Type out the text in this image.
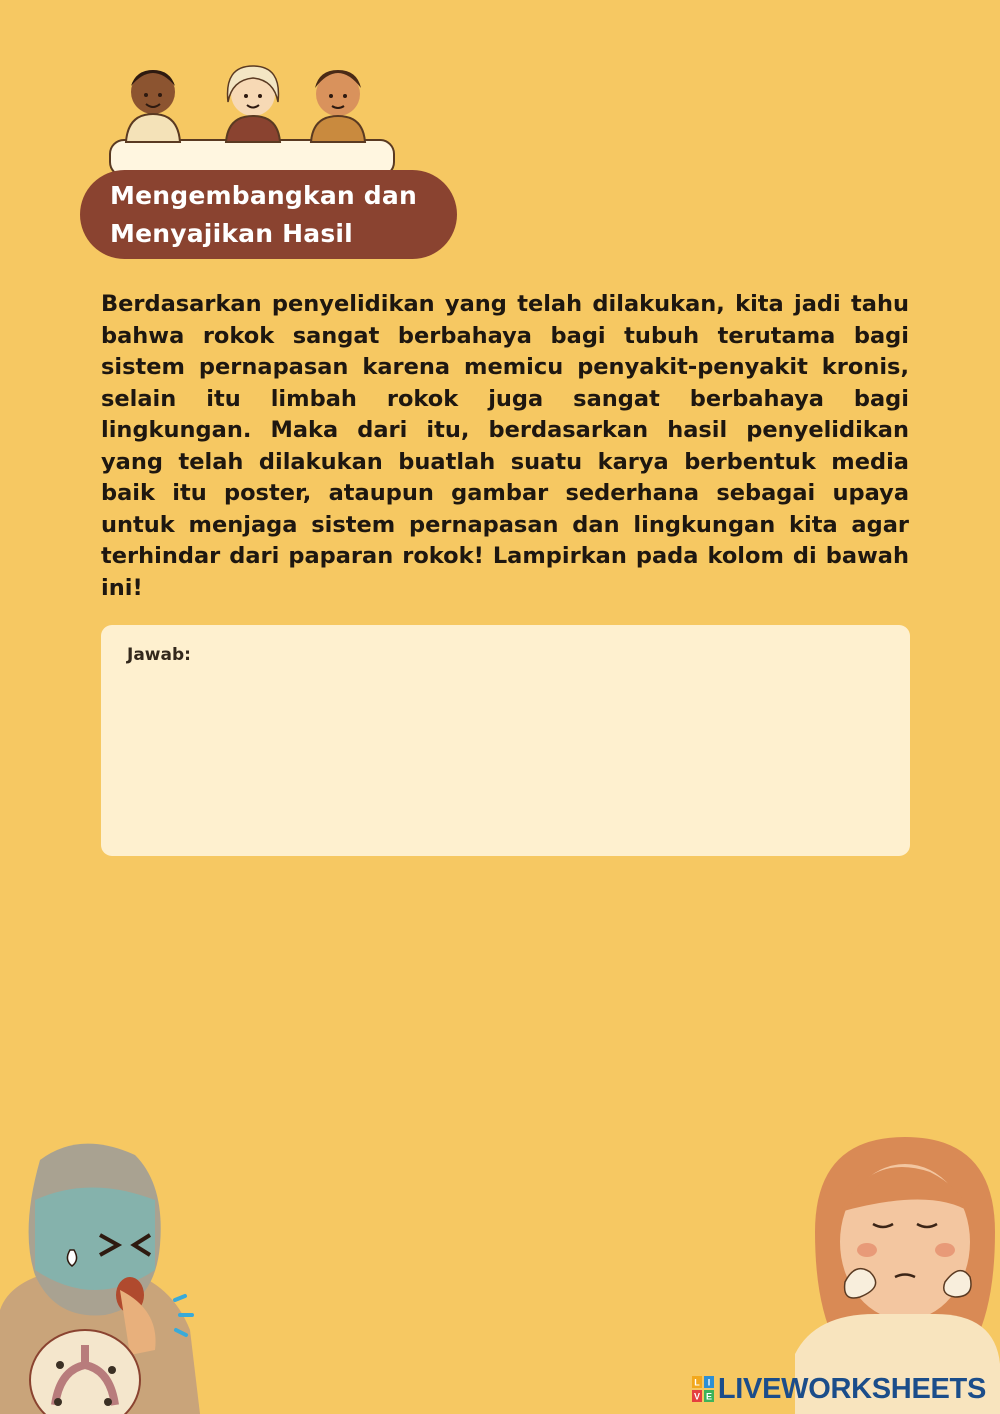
Mengembangkan dan
Menyajikan Hasil

Berdasarkan penyelidikan yang telah dilakukan, kita jadi tahu bahwa rokok sangat berbahaya bagi tubuh terutama bagi sistem pernapasan karena memicu penyakit-penyakit kronis, selain itu limbah rokok juga sangat berbahaya bagi lingkungan. Maka dari itu, berdasarkan hasil penyelidikan yang telah dilakukan buatlah suatu karya berbentuk media baik itu poster, ataupun gambar sederhana sebagai upaya untuk menjaga sistem pernapasan dan lingkungan kita agar terhindar dari paparan rokok! Lampirkan pada kolom di bawah ini!

Jawab:
L I
V E LIVEWORKSHEETS
